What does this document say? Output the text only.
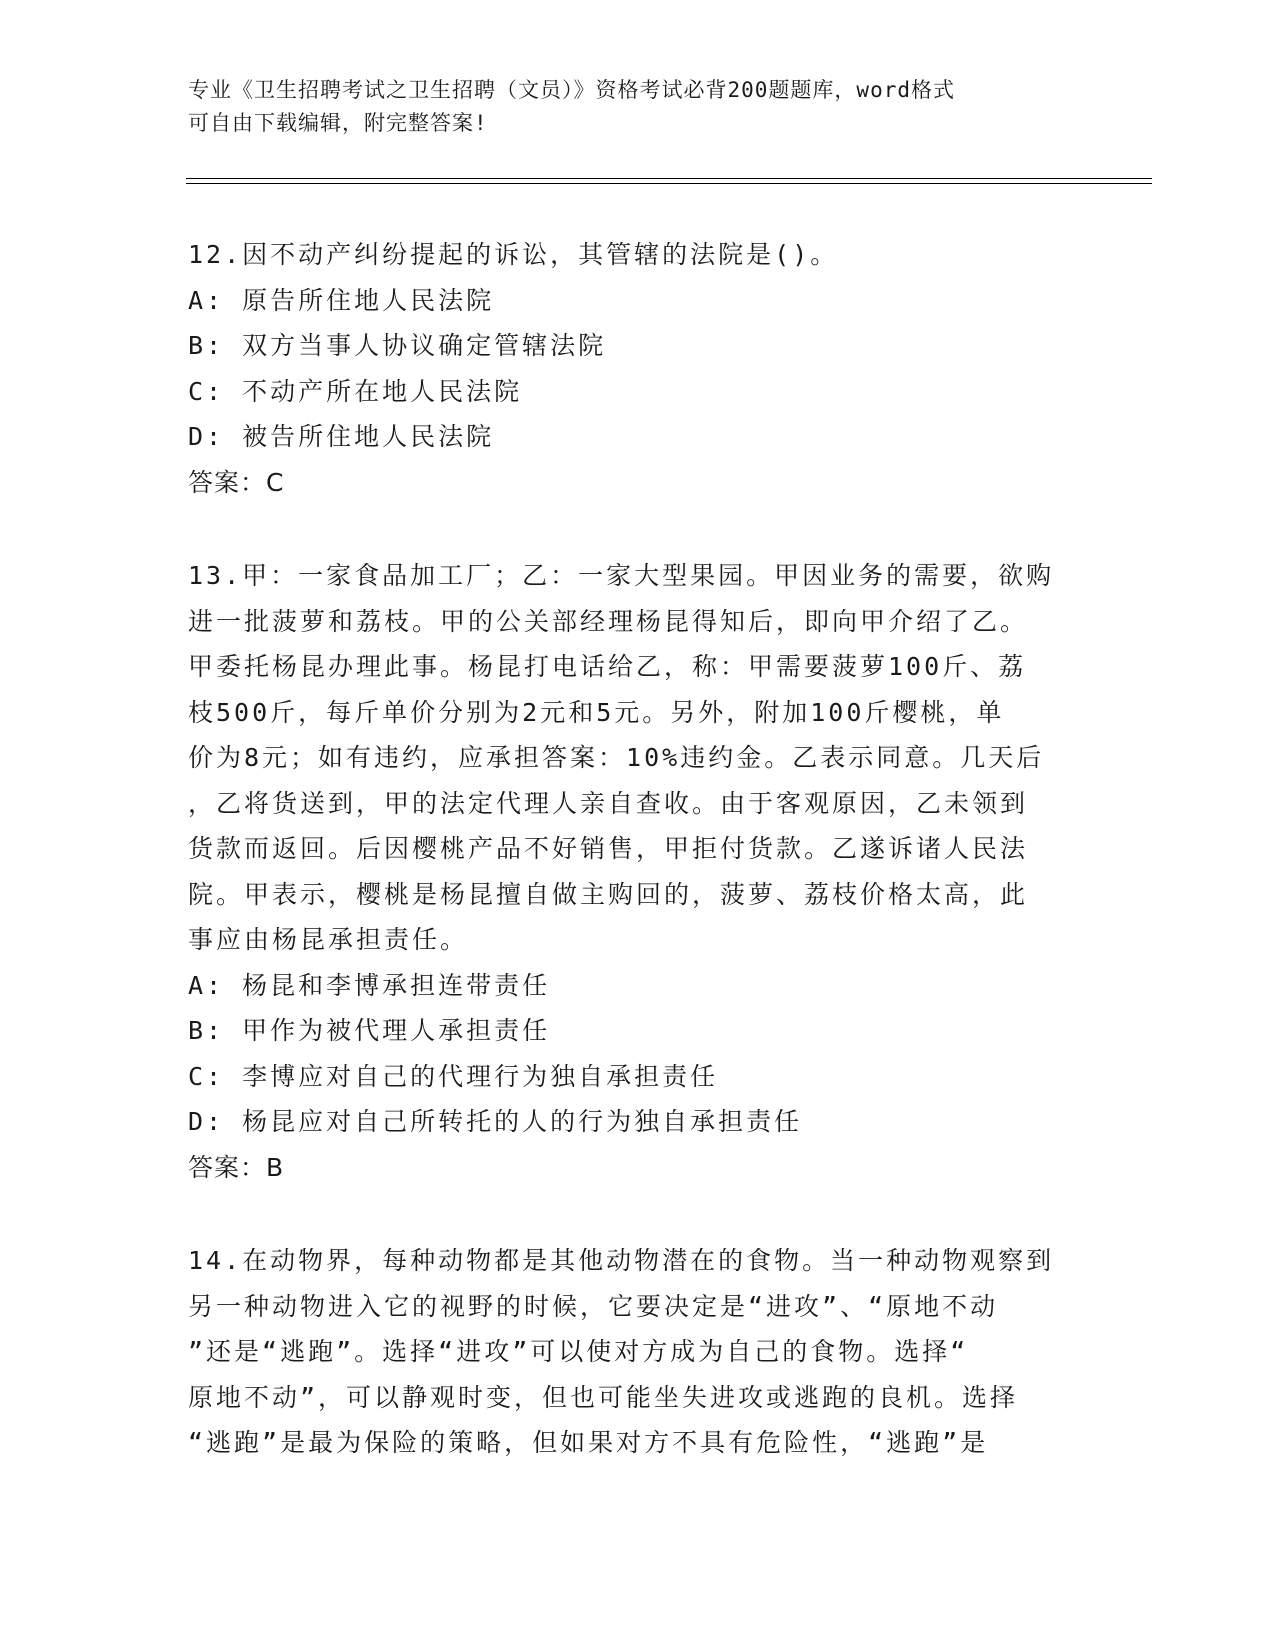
专业《卫生招聘考试之卫生招聘（文员）》资格考试必背200题题库，word格式

可自由下载编辑，附完整答案!

12.因不动产纠纷提起的诉讼，其管辖的法院是()。

A: 原告所住地人民法院

B: 双方当事人协议确定管辖法院

C: 不动产所在地人民法院

D: 被告所住地人民法院

答案：C

13.甲：一家食品加工厂；乙：一家大型果园。甲因业务的需要，欲购

进一批菠萝和荔枝。甲的公关部经理杨昆得知后，即向甲介绍了乙。

甲委托杨昆办理此事。杨昆打电话给乙，称：甲需要菠萝100斤、荔

枝500斤，每斤单价分别为2元和5元。另外，附加100斤樱桃，单

价为8元；如有违约，应承担答案：10%违约金。乙表示同意。几天后

，乙将货送到，甲的法定代理人亲自查收。由于客观原因，乙未领到

货款而返回。后因樱桃产品不好销售，甲拒付货款。乙遂诉诸人民法

院。甲表示，樱桃是杨昆擅自做主购回的，菠萝、荔枝价格太高，此

事应由杨昆承担责任。

A: 杨昆和李博承担连带责任

B: 甲作为被代理人承担责任

C: 李博应对自己的代理行为独自承担责任

D: 杨昆应对自己所转托的人的行为独自承担责任

答案：B

14.在动物界，每种动物都是其他动物潜在的食物。当一种动物观察到

另一种动物进入它的视野的时候，它要决定是“进攻”、“原地不动

”还是“逃跑”。选择“进攻”可以使对方成为自己的食物。选择“

原地不动”，可以静观时变，但也可能坐失进攻或逃跑的良机。选择

“逃跑”是最为保险的策略，但如果对方不具有危险性，“逃跑”是
